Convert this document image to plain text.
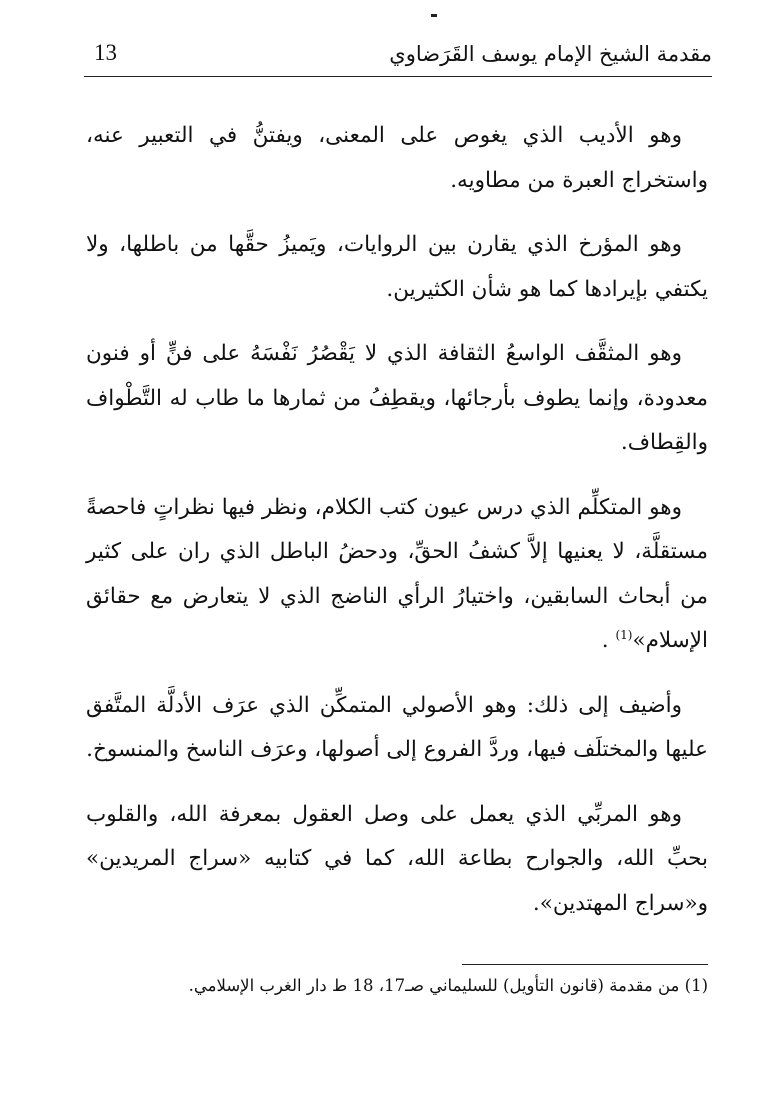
مقدمة الشيخ الإمام يوسف القَرَضاوي
13

وهو الأديب الذي يغوص على المعنى، ويفتنُّ في التعبير عنه، واستخراج العبرة من مطاويه.

وهو المؤرخ الذي يقارن بين الروايات، ويَميزُ حقَّها من باطلها، ولا يكتفي بإيرادها كما هو شأن الكثيرين.

وهو المثقَّف الواسعُ الثقافة الذي لا يَقْصُرُ نَفْسَهُ على فنٍّ أو فنون معدودة، وإنما يطوف بأرجائها، ويقطِفُ من ثمارها ما طاب له التَّطْواف والقِطاف.

وهو المتكلِّم الذي درس عيون كتب الكلام، ونظر فيها نظراتٍ فاحصةً مستقلَّة، لا يعنيها إلاَّ كشفُ الحقِّ، ودحضُ الباطل الذي ران على كثير من أبحاث السابقين، واختيارُ الرأي الناضج الذي لا يتعارض مع حقائق الإسلام»$^{(1)}$ .

وأضيف إلى ذلك: وهو الأصولي المتمكِّن الذي عرَف الأدلَّة المتَّفق عليها والمختلَف فيها، وردَّ الفروع إلى أصولها، وعرَف الناسخ والمنسوخ.

وهو المربِّي الذي يعمل على وصل العقول بمعرفة الله، والقلوب بحبِّ الله، والجوارح بطاعة الله، كما في كتابيه «سراج المريدين» و«سراج المهتدين».

(1) من مقدمة (قانون التأويل) للسليماني صـ17، 18 ط دار الغرب الإسلامي.
